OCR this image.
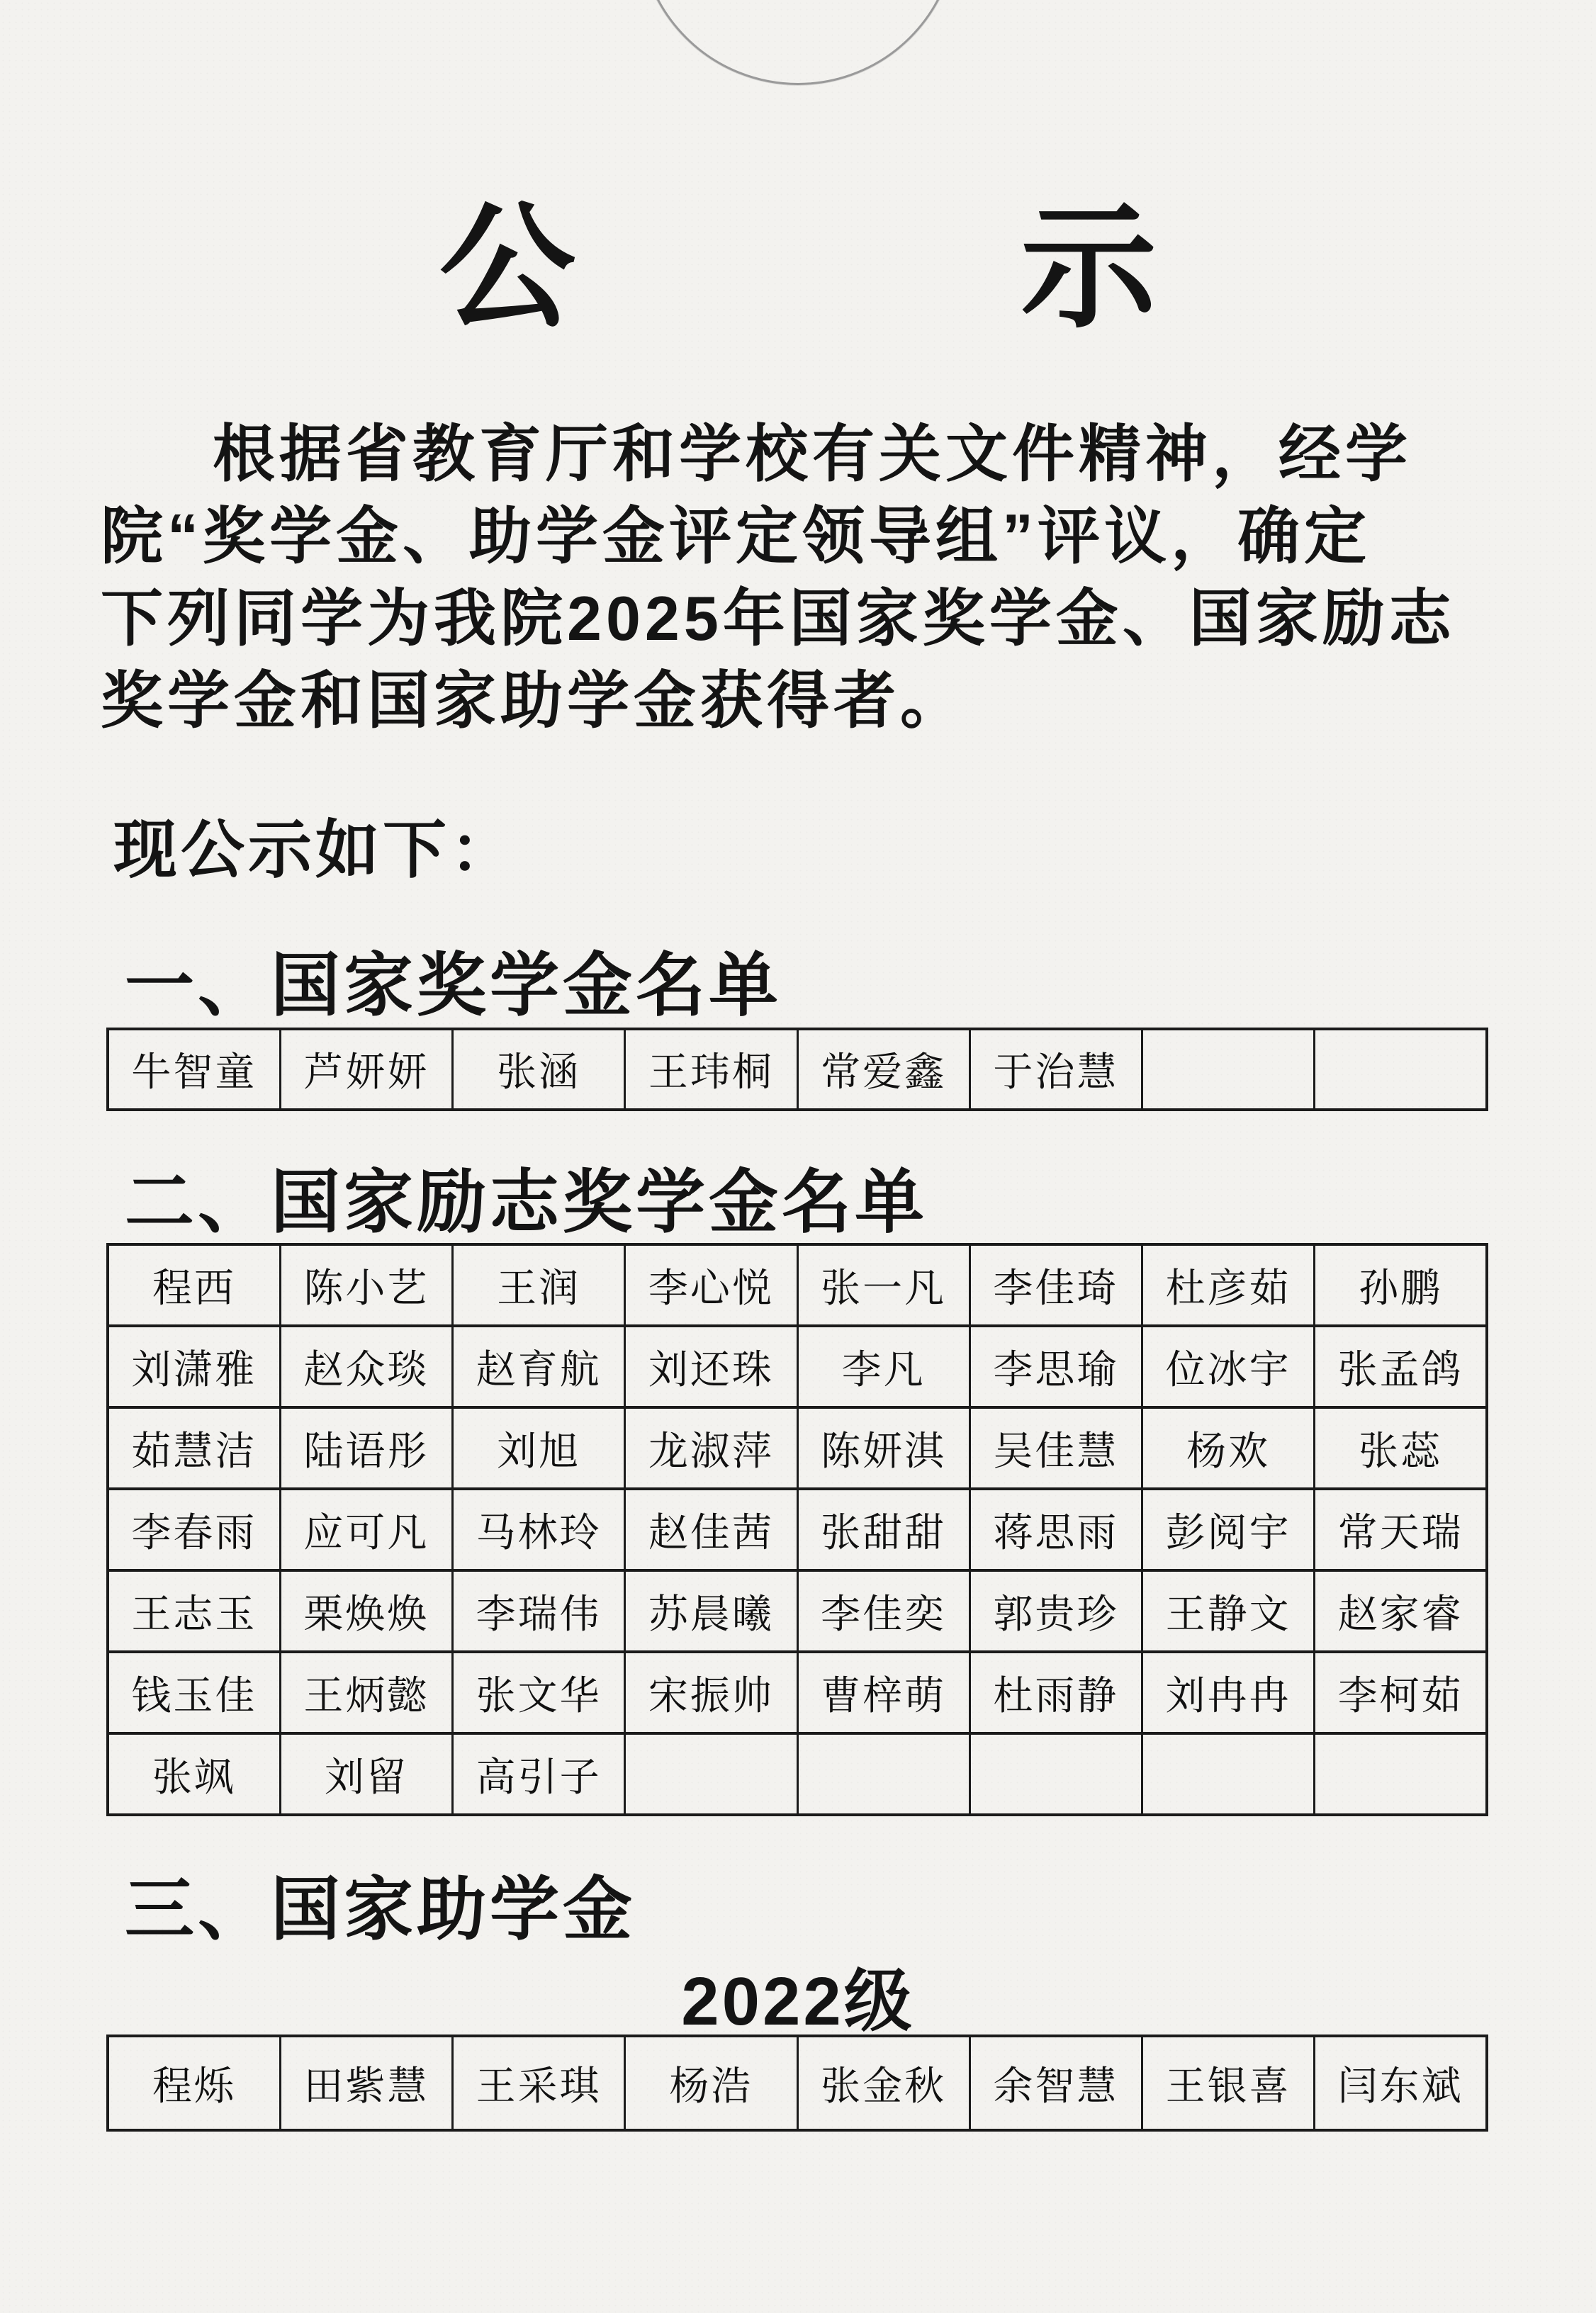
公 示
根据省教育厅和学校有关文件精神，经学
院“奖学金、助学金评定领导组”评议，确定
下列同学为我院2025年国家奖学金、国家励志
奖学金和国家助学金获得者。
现公示如下：
一、国家奖学金名单
牛智童	芦妍妍	张涵	王玮桐	常爱鑫	于治慧		
二、国家励志奖学金名单
程西	陈小艺	王润	李心悦	张一凡	李佳琦	杜彦茹	孙鹏
刘潇雅	赵众琰	赵育航	刘还珠	李凡	李思瑜	位冰宇	张孟鸽
茹慧洁	陆语彤	刘旭	龙淑萍	陈妍淇	吴佳慧	杨欢	张蕊
李春雨	应可凡	马林玲	赵佳茜	张甜甜	蒋思雨	彭阅宇	常天瑞
王志玉	栗焕焕	李瑞伟	苏晨曦	李佳奕	郭贵珍	王静文	赵家睿
钱玉佳	王炳懿	张文华	宋振帅	曹梓萌	杜雨静	刘冉冉	李柯茹
张飒	刘留	高引子					
三、国家助学金
2022级
程烁	田紫慧	王采琪	杨浩	张金秋	余智慧	王银喜	闫东斌
